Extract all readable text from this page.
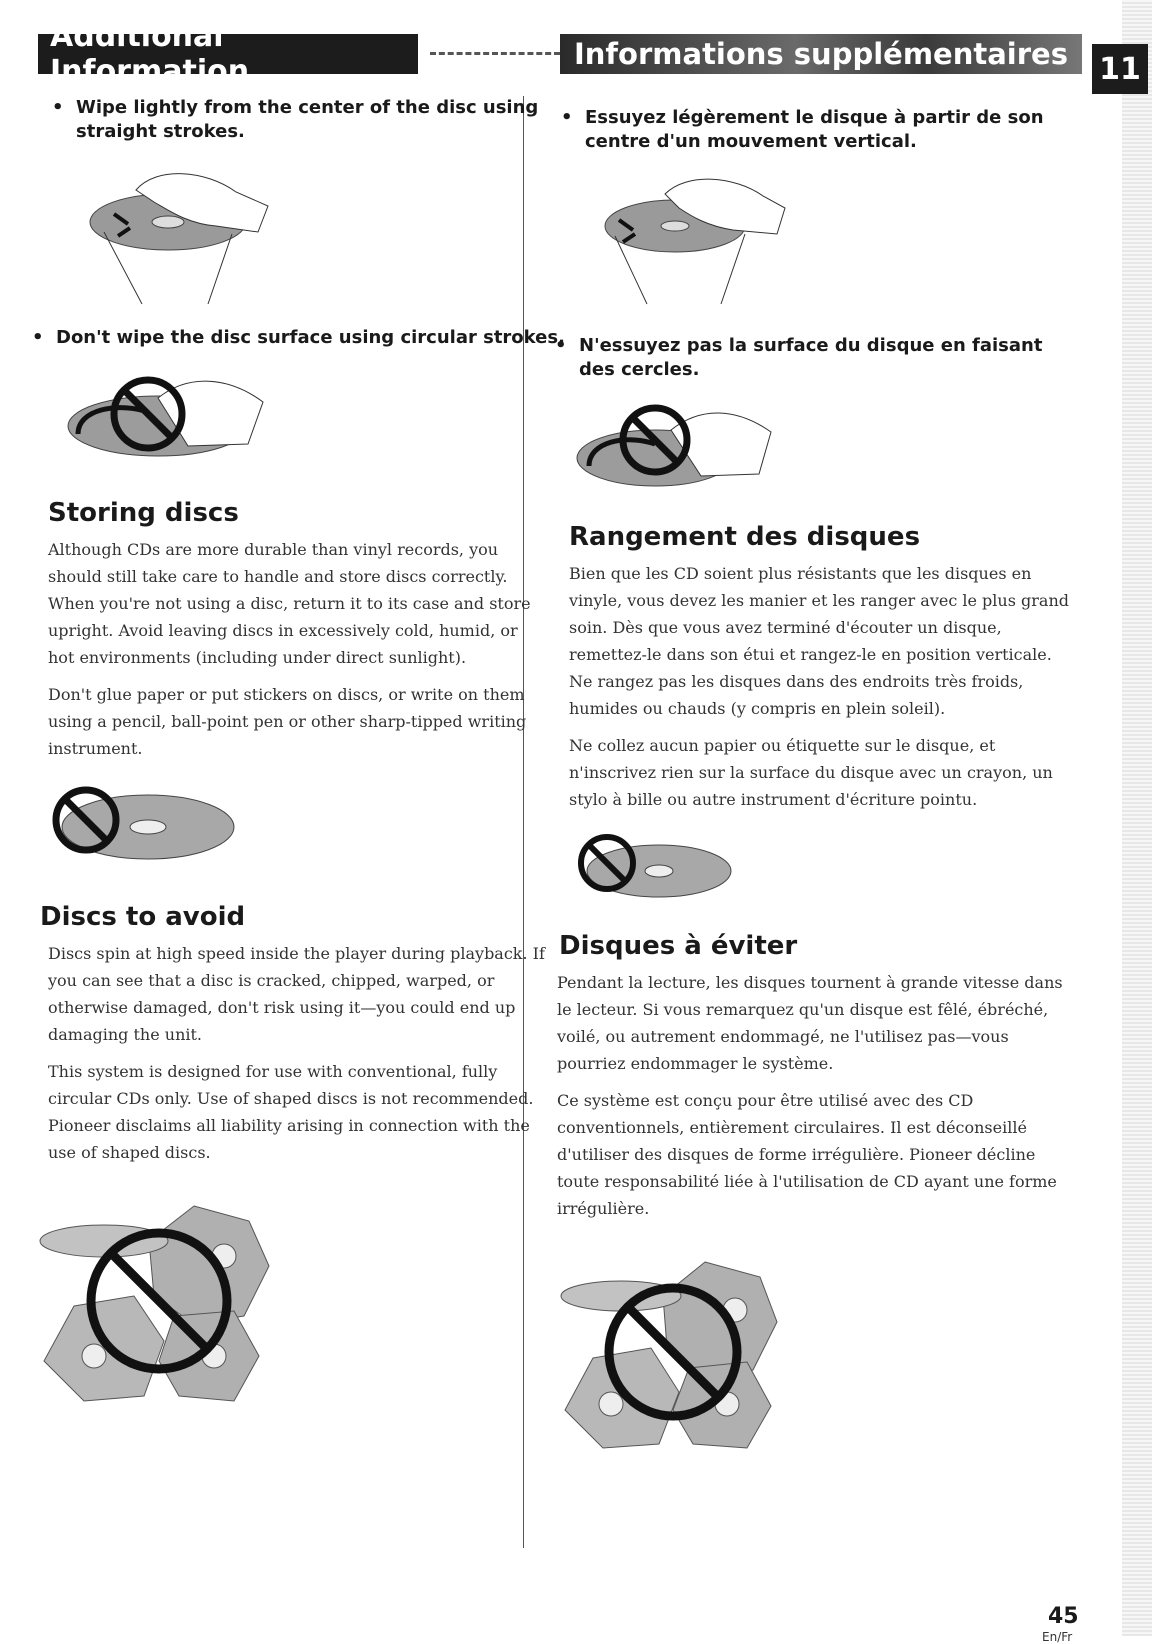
Additional Information	Informations supplémentaires	11
• Wipe lightly from the center of the disc using straight strokes.
• Don't wipe the disc surface using circular strokes.
Storing discs

Although CDs are more durable than vinyl records, you should still take care to handle and store discs correctly. When you're not using a disc, return it to its case and store upright. Avoid leaving discs in excessively cold, humid, or hot environments (including under direct sunlight).

Don't glue paper or put stickers on discs, or write on them using a pencil, ball-point pen or other sharp-tipped writing instrument.

Discs to avoid

Discs spin at high speed inside the player during playback. If you can see that a disc is cracked, chipped, warped, or otherwise damaged, don't risk using it—you could end up damaging the unit.

This system is designed for use with conventional, fully circular CDs only. Use of shaped discs is not recommended. Pioneer disclaims all liability arising in connection with the use of shaped discs.

• Essuyez légèrement le disque à partir de son centre d'un mouvement vertical.
• N'essuyez pas la surface du disque en faisant des cercles.
Rangement des disques

Bien que les CD soient plus résistants que les disques en vinyle, vous devez les manier et les ranger avec le plus grand soin. Dès que vous avez terminé d'écouter un disque, remettez-le dans son étui et rangez-le en position verticale. Ne rangez pas les disques dans des endroits très froids, humides ou chauds (y compris en plein soleil).

Ne collez aucun papier ou étiquette sur le disque, et n'inscrivez rien sur la surface du disque avec un crayon, un stylo à bille ou autre instrument d'écriture pointu.

Disques à éviter

Pendant la lecture, les disques tournent à grande vitesse dans le lecteur. Si vous remarquez qu'un disque est fêlé, ébréché, voilé, ou autrement endommagé, ne l'utilisez pas—vous pourriez endommager le système.

Ce système est conçu pour être utilisé avec des CD conventionnels, entièrement circulaires. Il est déconseillé d'utiliser des disques de forme irrégulière. Pioneer décline toute responsabilité liée à l'utilisation de CD ayant une forme irrégulière.

45
En/Fr
